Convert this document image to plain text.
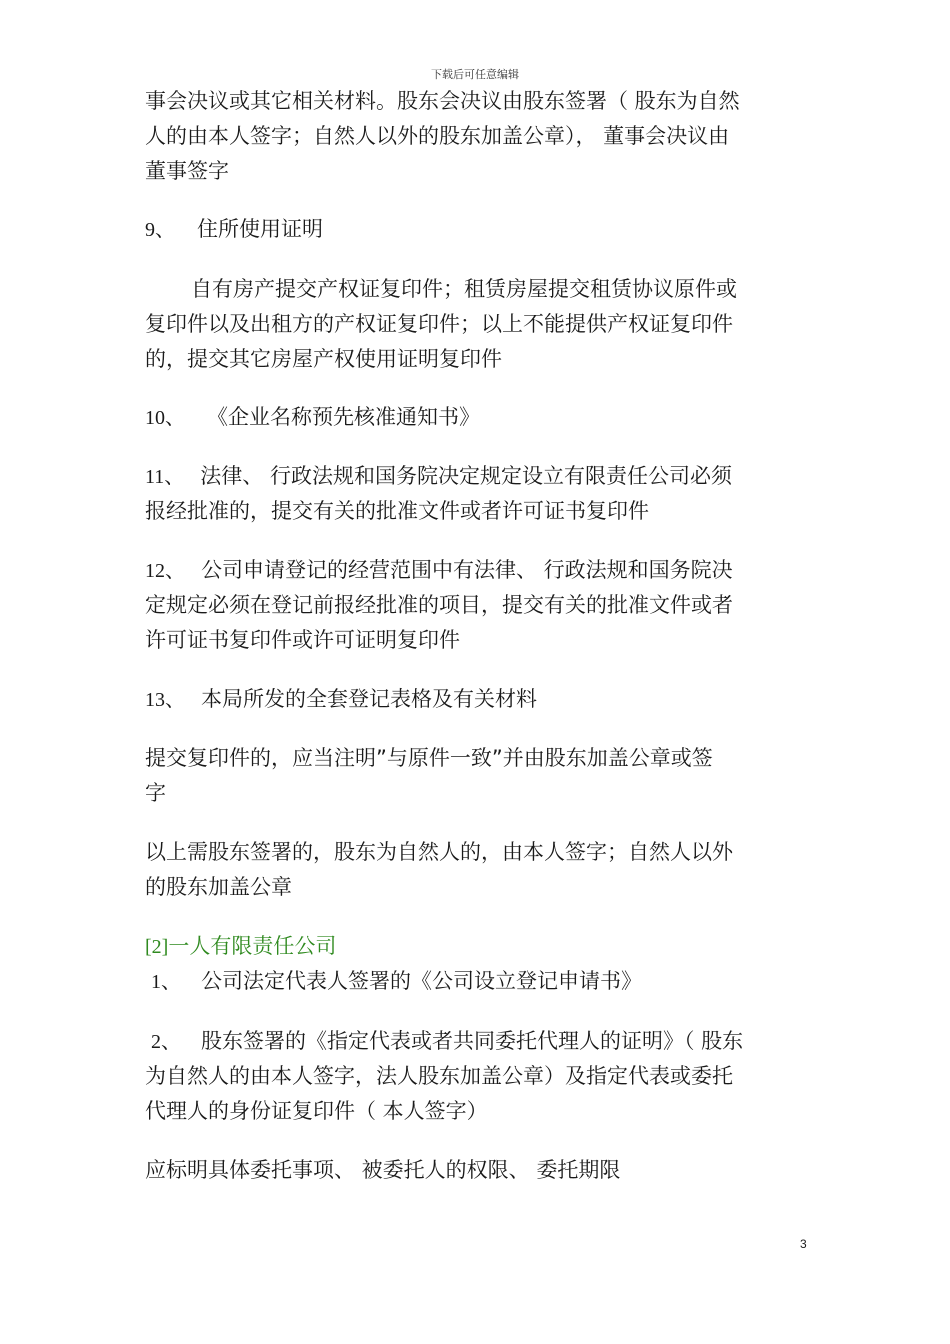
下载后可任意编辑
事会决议或其它相关材料。股东会决议由股东签署（ 股东为自然
人的由本人签字；自然人以外的股东加盖公章）， 董事会决议由
董事签字
9、 住所使用证明
自有房产提交产权证复印件；租赁房屋提交租赁协议原件或
复印件以及出租方的产权证复印件；以上不能提供产权证复印件
的，提交其它房屋产权使用证明复印件
10、 《企业名称预先核准通知书》
11、 法律、 行政法规和国务院决定规定设立有限责任公司必须
报经批准的，提交有关的批准文件或者许可证书复印件
12、 公司申请登记的经营范围中有法律、 行政法规和国务院决
定规定必须在登记前报经批准的项目，提交有关的批准文件或者
许可证书复印件或许可证明复印件
13、 本局所发的全套登记表格及有关材料
提交复印件的，应当注明”与原件一致”并由股东加盖公章或签
字
以上需股东签署的，股东为自然人的，由本人签字；自然人以外
的股东加盖公章
[2]一人有限责任公司
1、 公司法定代表人签署的《公司设立登记申请书》
2、 股东签署的《指定代表或者共同委托代理人的证明》（ 股东
为自然人的由本人签字，法人股东加盖公章）及指定代表或委托
代理人的身份证复印件（ 本人签字）
应标明具体委托事项、 被委托人的权限、 委托期限
3
